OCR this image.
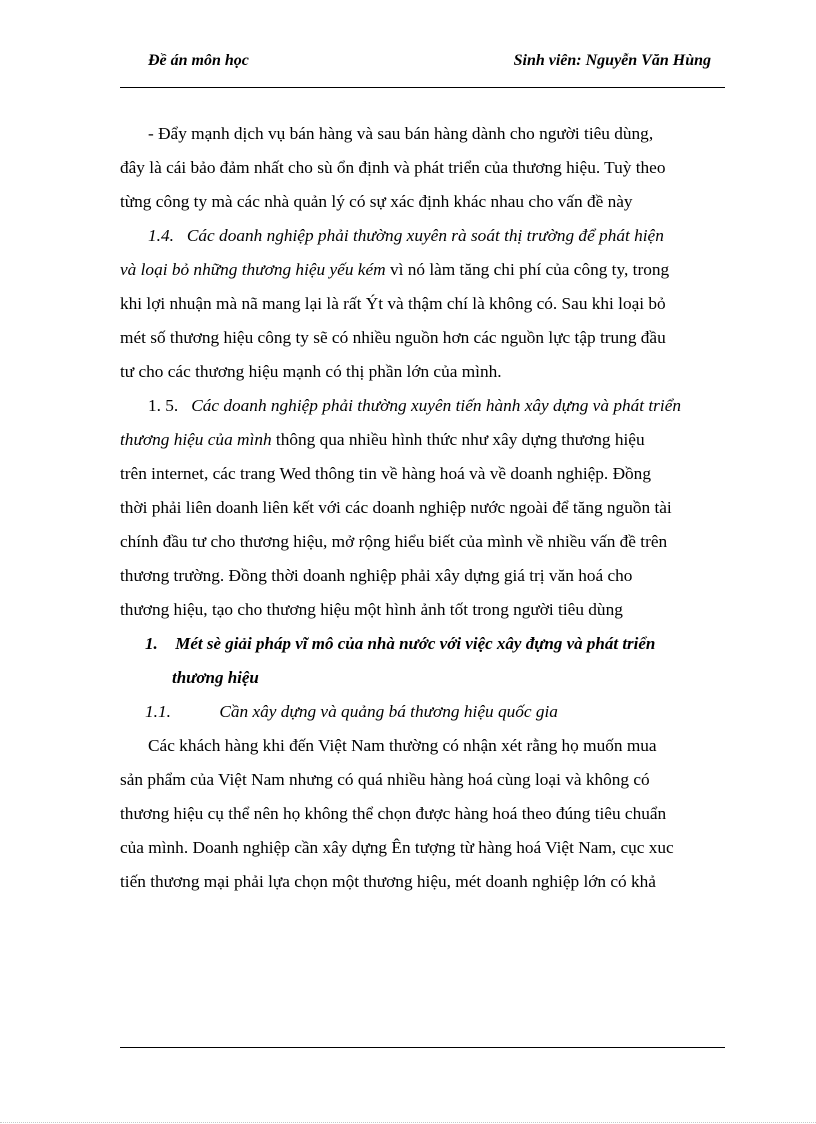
Đề án môn học	Sinh viên: Nguyễn Văn Hùng
- Đẩy mạnh dịch vụ bán hàng và sau bán hàng dành cho người tiêu dùng,
đây là cái bảo đảm nhất cho sù ổn định và phát triển của thương hiệu. Tuỳ theo
từng công ty mà các nhà quản lý có sự xác định khác nhau cho vấn đề này
1.4. Các doanh nghiệp phải thường xuyên rà soát thị trường để phát hiện
và loại bỏ những thương hiệu yếu kém vì nó làm tăng chi phí của công ty, trong
khi lợi nhuận mà nã mang lại là rất Ýt và thậm chí là không có. Sau khi loại bỏ
mét số thương hiệu công ty sẽ có nhiều nguồn hơn các nguồn lực tập trung đầu
tư cho các thương hiệu mạnh có thị phần lớn của mình.
1. 5. Các doanh nghiệp phải thường xuyên tiến hành xây dựng và phát triển
thương hiệu của mình thông qua nhiều hình thức như xây dựng thương hiệu
trên internet, các trang Wed thông tin về hàng hoá và về doanh nghiệp. Đồng
thời phải liên doanh liên kết với các doanh nghiệp nước ngoài để tăng nguồn tài
chính đầu tư cho thương hiệu, mở rộng hiểu biết của mình về nhiều vấn đề trên
thương trường. Đồng thời doanh nghiệp phải xây dựng giá trị văn hoá cho
thương hiệu, tạo cho thương hiệu một hình ảnh tốt trong người tiêu dùng
1. Mét sè giải pháp vĩ mô của nhà nước với việc xây đựng và phát triển
thương hiệu
1.1.	Cần xây dựng và quảng bá thương hiệu quốc gia
Các khách hàng khi đến Việt Nam thường có nhận xét rằng họ muốn mua
sản phẩm của Việt Nam nhưng có quá nhiều hàng hoá cùng loại và không có
thương hiệu cụ thể nên họ không thể chọn được hàng hoá theo đúng tiêu chuẩn
của mình. Doanh nghiệp cần xây dựng Ên tượng từ hàng hoá Việt Nam, cục xuc
tiến thương mại phải lựa chọn một thương hiệu, mét doanh nghiệp lớn có khả
